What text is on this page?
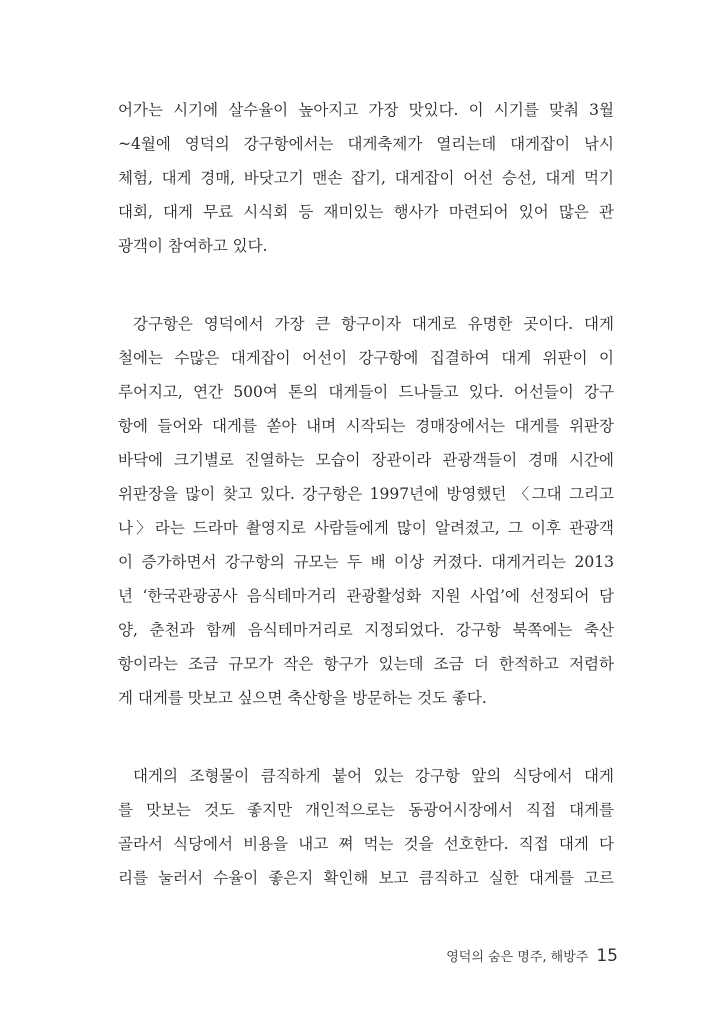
어가는 시기에 살수율이 높아지고 가장 맛있다. 이 시기를 맞춰 3월
~4월에 영덕의 강구항에서는 대게축제가 열리는데 대게잡이 낚시
체험, 대게 경매, 바닷고기 맨손 잡기, 대게잡이 어선 승선, 대게 먹기
대회, 대게 무료 시식회 등 재미있는 행사가 마련되어 있어 많은 관
광객이 참여하고 있다.
강구항은 영덕에서 가장 큰 항구이자 대게로 유명한 곳이다. 대게
철에는 수많은 대게잡이 어선이 강구항에 집결하여 대게 위판이 이
루어지고, 연간 500여 톤의 대게들이 드나들고 있다. 어선들이 강구
항에 들어와 대게를 쏟아 내며 시작되는 경매장에서는 대게를 위판장
바닥에 크기별로 진열하는 모습이 장관이라 관광객들이 경매 시간에
위판장을 많이 찾고 있다. 강구항은 1997년에 방영했던 〈그대 그리고
나〉라는 드라마 촬영지로 사람들에게 많이 알려졌고, 그 이후 관광객
이 증가하면서 강구항의 규모는 두 배 이상 커졌다. 대게거리는 2013
년 ‘한국관광공사 음식테마거리 관광활성화 지원 사업’에 선정되어 담
양, 춘천과 함께 음식테마거리로 지정되었다. 강구항 북쪽에는 축산
항이라는 조금 규모가 작은 항구가 있는데 조금 더 한적하고 저렴하
게 대게를 맛보고 싶으면 축산항을 방문하는 것도 좋다.
대게의 조형물이 큼직하게 붙어 있는 강구항 앞의 식당에서 대게
를 맛보는 것도 좋지만 개인적으로는 동광어시장에서 직접 대게를
골라서 식당에서 비용을 내고 쪄 먹는 것을 선호한다. 직접 대게 다
리를 눌러서 수율이 좋은지 확인해 보고 큼직하고 실한 대게를 고르
영덕의 숨은 명주, 해방주 15
